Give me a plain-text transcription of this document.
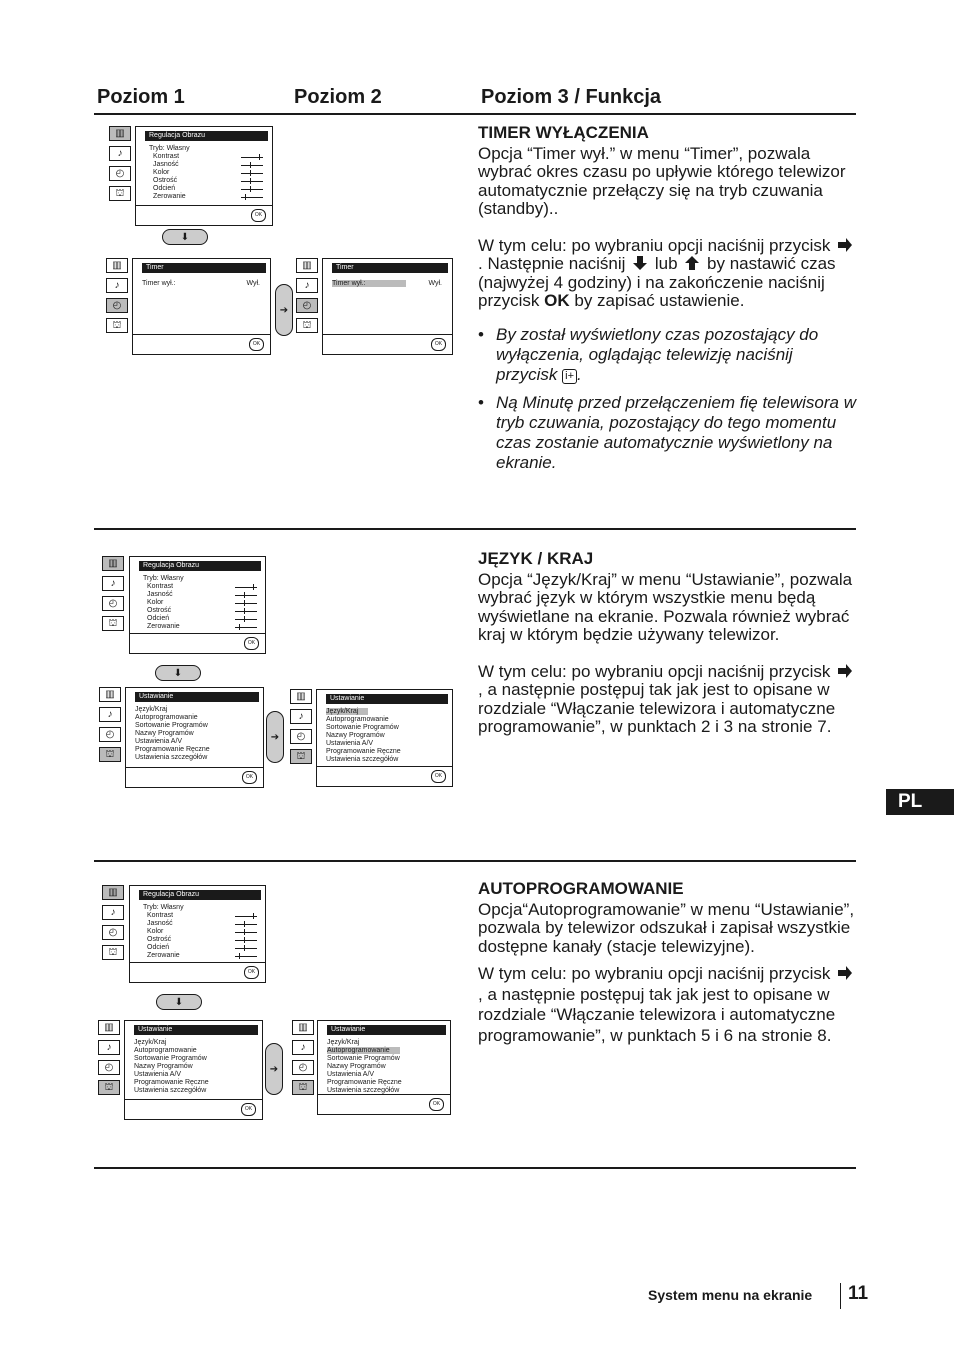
Poziom 1	Poziom 2	Poziom 3 / Funkcja
▥
♪
◴
⛫
Regulacja Obrazu
Tryb: Własny
Kontrast
Jasność
Kolor
Ostrość
Odcień
Zerowanie
OK
⬇
▥
♪
◴
⛫
Timer
Timer wył.:	Wył.
OK
➔
▥
♪
◴
⛫
Timer
Timer wył.:	Wył.
OK
TIMER WYŁĄCZENIA

Opcja “Timer wył.” w menu “Timer”, pozwala wybrać okres czasu po upływie którego telewizor automatycznie przełączy się na tryb czuwania (standby)..

W tym celu: po wybraniu opcji naciśnij przycisk . Następnie naciśnij lub by nastawić czas (najwyżej 4 godziny) i na zakończenie naciśnij przycisk OK by zapisać ustawienie.

• By został wyświetlony czas pozostający do wyłączenia, oglądając telewizję naciśnij przycisk i+ .
• Ną Minutę przed przełączeniem fię telewisora w tryb czuwania, pozostający do tego momentu czas zostanie automatycznie wyświetlony na ekranie.
▥
♪
◴
⛫
Regulacja Obrazu
Tryb: Własny
Kontrast
Jasność
Kolor
Ostrość
Odcień
Zerowanie
OK
⬇
▥
♪
◴
⛫
Ustawianie
Język/Kraj
Autoprogramowanie
Sortowanie Programów
Nazwy Programów
Ustawienia A/V
Programowanie Ręczne
Ustawienia szczegółów
OK
➔
▥
♪
◴
⛫
Ustawianie
Język/Kraj
Autoprogramowanie
Sortowanie Programów
Nazwy Programów
Ustawienia A/V
Programowanie Ręczne
Ustawienia szczegółów
OK
JĘZYK / KRAJ

Opcja “Język/Kraj” w menu “Ustawianie”, pozwala wybrać język w którym wszystkie menu będą wyświetlane na ekranie. Pozwala również wybrać kraj w którym będzie używany telewizor.

W tym celu: po wybraniu opcji naciśnij przycisk , a następnie postępuj tak jak jest to opisane w rozdziale “Włączanie telewizora i automatyczne programowanie”, w punktach 2 i 3 na stronie 7.

PL
▥
♪
◴
⛫
Regulacja Obrazu
Tryb: Własny
Kontrast
Jasność
Kolor
Ostrość
Odcień
Zerowanie
OK
⬇
▥
♪
◴
⛫
Ustawianie
Język/Kraj
Autoprogramowanie
Sortowanie Programów
Nazwy Programów
Ustawienia A/V
Programowanie Ręczne
Ustawienia szczegółów
OK
➔
▥
♪
◴
⛫
Ustawianie
Język/Kraj
Autoprogramowanie
Sortowanie Programów
Nazwy Programów
Ustawienia A/V
Programowanie Ręczne
Ustawienia szczegółów
OK
AUTOPROGRAMOWANIE

Opcja“Autoprogramowanie” w menu “Ustawianie”, pozwala by telewizor odszukał i zapisał wszystkie dostępne kanały (stacje telewizyjne).

W tym celu: po wybraniu opcji naciśnij przycisk , a następnie postępuj tak jak jest to opisane w rozdziale “Włączanie telewizora i automatyczne programowanie”, w punktach 5 i 6 na stronie 8.

System menu na ekranie 11
